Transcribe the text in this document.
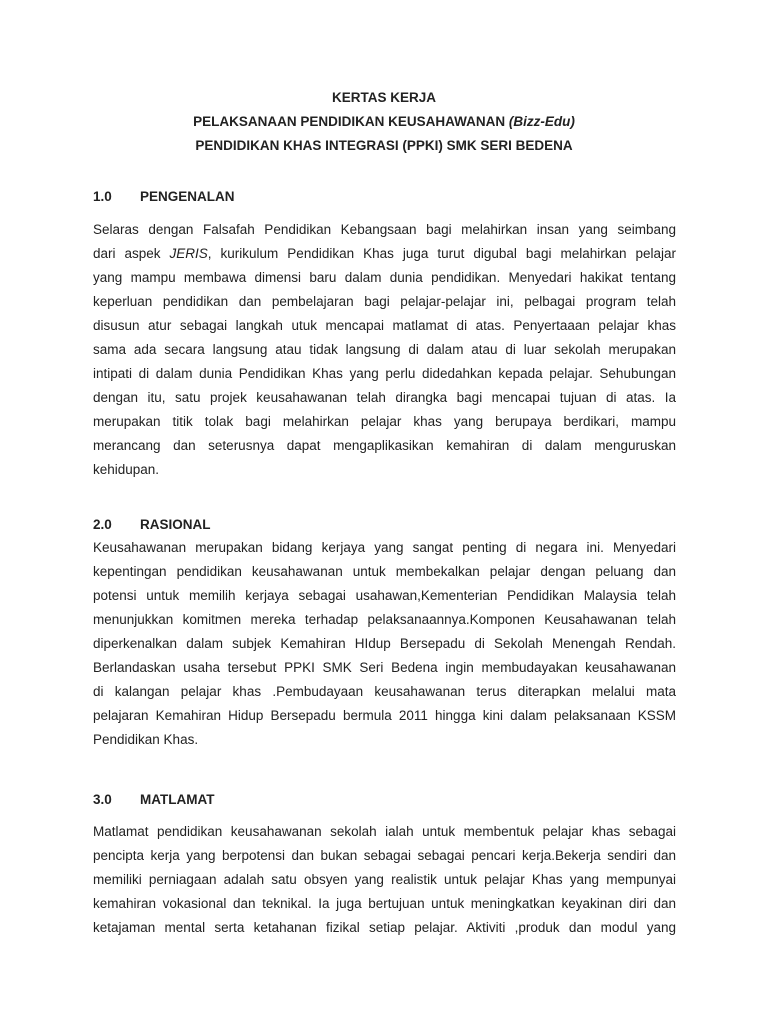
KERTAS KERJA
PELAKSANAAN PENDIDIKAN KEUSAHAWANAN (Bizz-Edu)
PENDIDIKAN KHAS INTEGRASI (PPKI) SMK SERI BEDENA
1.0 PENGENALAN
Selaras dengan Falsafah Pendidikan Kebangsaan bagi melahirkan insan yang seimbang
dari aspek JERIS, kurikulum Pendidikan Khas juga turut digubal bagi melahirkan pelajar
yang mampu membawa dimensi baru dalam dunia pendidikan. Menyedari hakikat tentang
keperluan pendidikan dan pembelajaran bagi pelajar-pelajar ini, pelbagai program telah
disusun atur sebagai langkah utuk mencapai matlamat di atas. Penyertaaan pelajar khas
sama ada secara langsung atau tidak langsung di dalam atau di luar sekolah merupakan
intipati di dalam dunia Pendidikan Khas yang perlu didedahkan kepada pelajar. Sehubungan
dengan itu, satu projek keusahawanan telah dirangka bagi mencapai tujuan di atas. Ia
merupakan titik tolak bagi melahirkan pelajar khas yang berupaya berdikari, mampu
merancang dan seterusnya dapat mengaplikasikan kemahiran di dalam menguruskan
kehidupan.
2.0 RASIONAL
Keusahawanan merupakan bidang kerjaya yang sangat penting di negara ini. Menyedari
kepentingan pendidikan keusahawanan untuk membekalkan pelajar dengan peluang dan
potensi untuk memilih kerjaya sebagai usahawan,Kementerian Pendidikan Malaysia telah
menunjukkan komitmen mereka terhadap pelaksanaannya.Komponen Keusahawanan telah
diperkenalkan dalam subjek Kemahiran HIdup Bersepadu di Sekolah Menengah Rendah.
Berlandaskan usaha tersebut PPKI SMK Seri Bedena ingin membudayakan keusahawanan
di kalangan pelajar khas .Pembudayaan keusahawanan terus diterapkan melalui mata
pelajaran Kemahiran Hidup Bersepadu bermula 2011 hingga kini dalam pelaksanaan KSSM
Pendidikan Khas.
3.0 MATLAMAT
Matlamat pendidikan keusahawanan sekolah ialah untuk membentuk pelajar khas sebagai
pencipta kerja yang berpotensi dan bukan sebagai sebagai pencari kerja.Bekerja sendiri dan
memiliki perniagaan adalah satu obsyen yang realistik untuk pelajar Khas yang mempunyai
kemahiran vokasional dan teknikal. Ia juga bertujuan untuk meningkatkan keyakinan diri dan
ketajaman mental serta ketahanan fizikal setiap pelajar. Aktiviti ,produk dan modul yang
